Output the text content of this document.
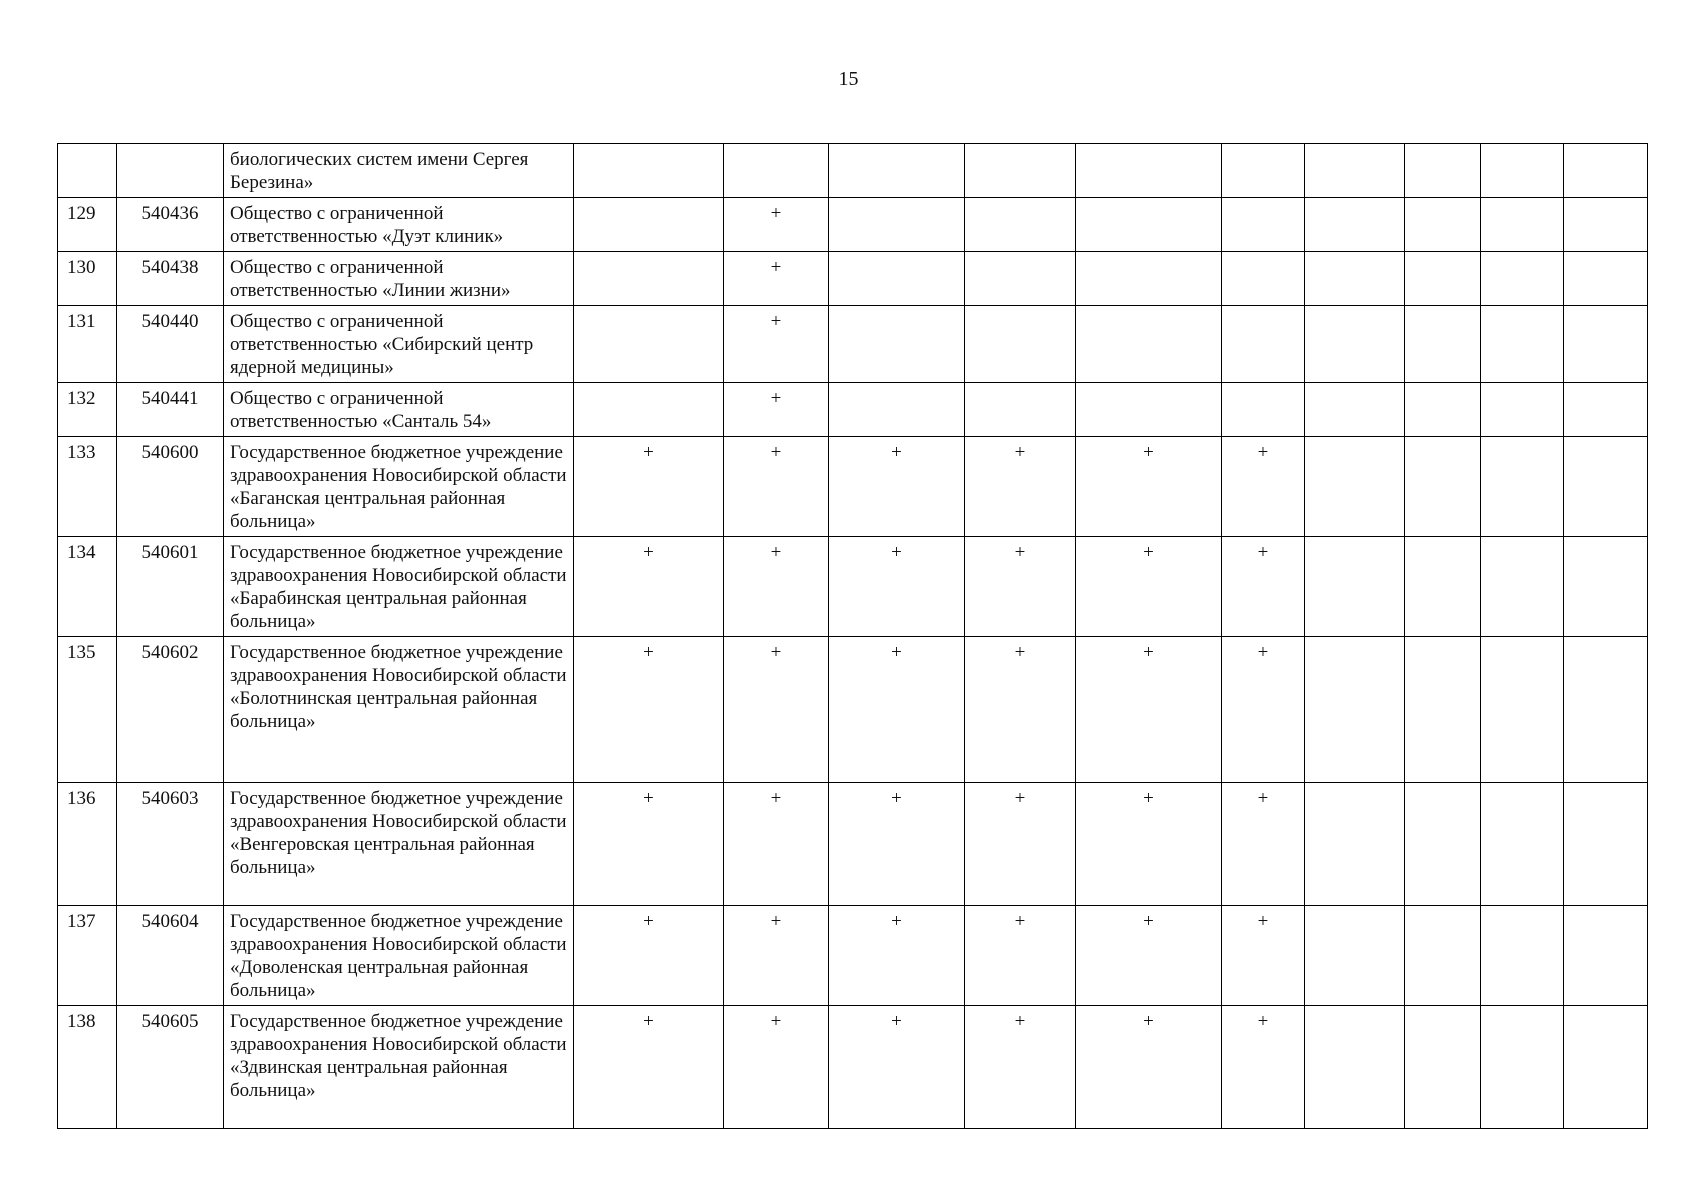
15
		биологических систем имени Сергея Березина»										
129	540436	Общество с ограниченной ответственностью «Дуэт клиник»		+								
130	540438	Общество с ограниченной ответственностью «Линии жизни»		+								
131	540440	Общество с ограниченной ответственностью «Сибирский центр ядерной медицины»		+								
132	540441	Общество с ограниченной ответственностью «Санталь 54»		+								
133	540600	Государственное бюджетное учреждение здравоохранения Новосибирской области «Баганская центральная районная больница»	+	+	+	+	+	+				
134	540601	Государственное бюджетное учреждение здравоохранения Новосибирской области «Барабинская центральная районная больница»	+	+	+	+	+	+				
135	540602	Государственное бюджетное учреждение здравоохранения Новосибирской области «Болотнинская центральная районная больница»	+	+	+	+	+	+				
136	540603	Государственное бюджетное учреждение здравоохранения Новосибирской области «Венгеровская центральная районная больница»	+	+	+	+	+	+				
137	540604	Государственное бюджетное учреждение здравоохранения Новосибирской области «Доволенская центральная районная больница»	+	+	+	+	+	+				
138	540605	Государственное бюджетное учреждение здравоохранения Новосибирской области «Здвинская центральная районная больница»	+	+	+	+	+	+				
